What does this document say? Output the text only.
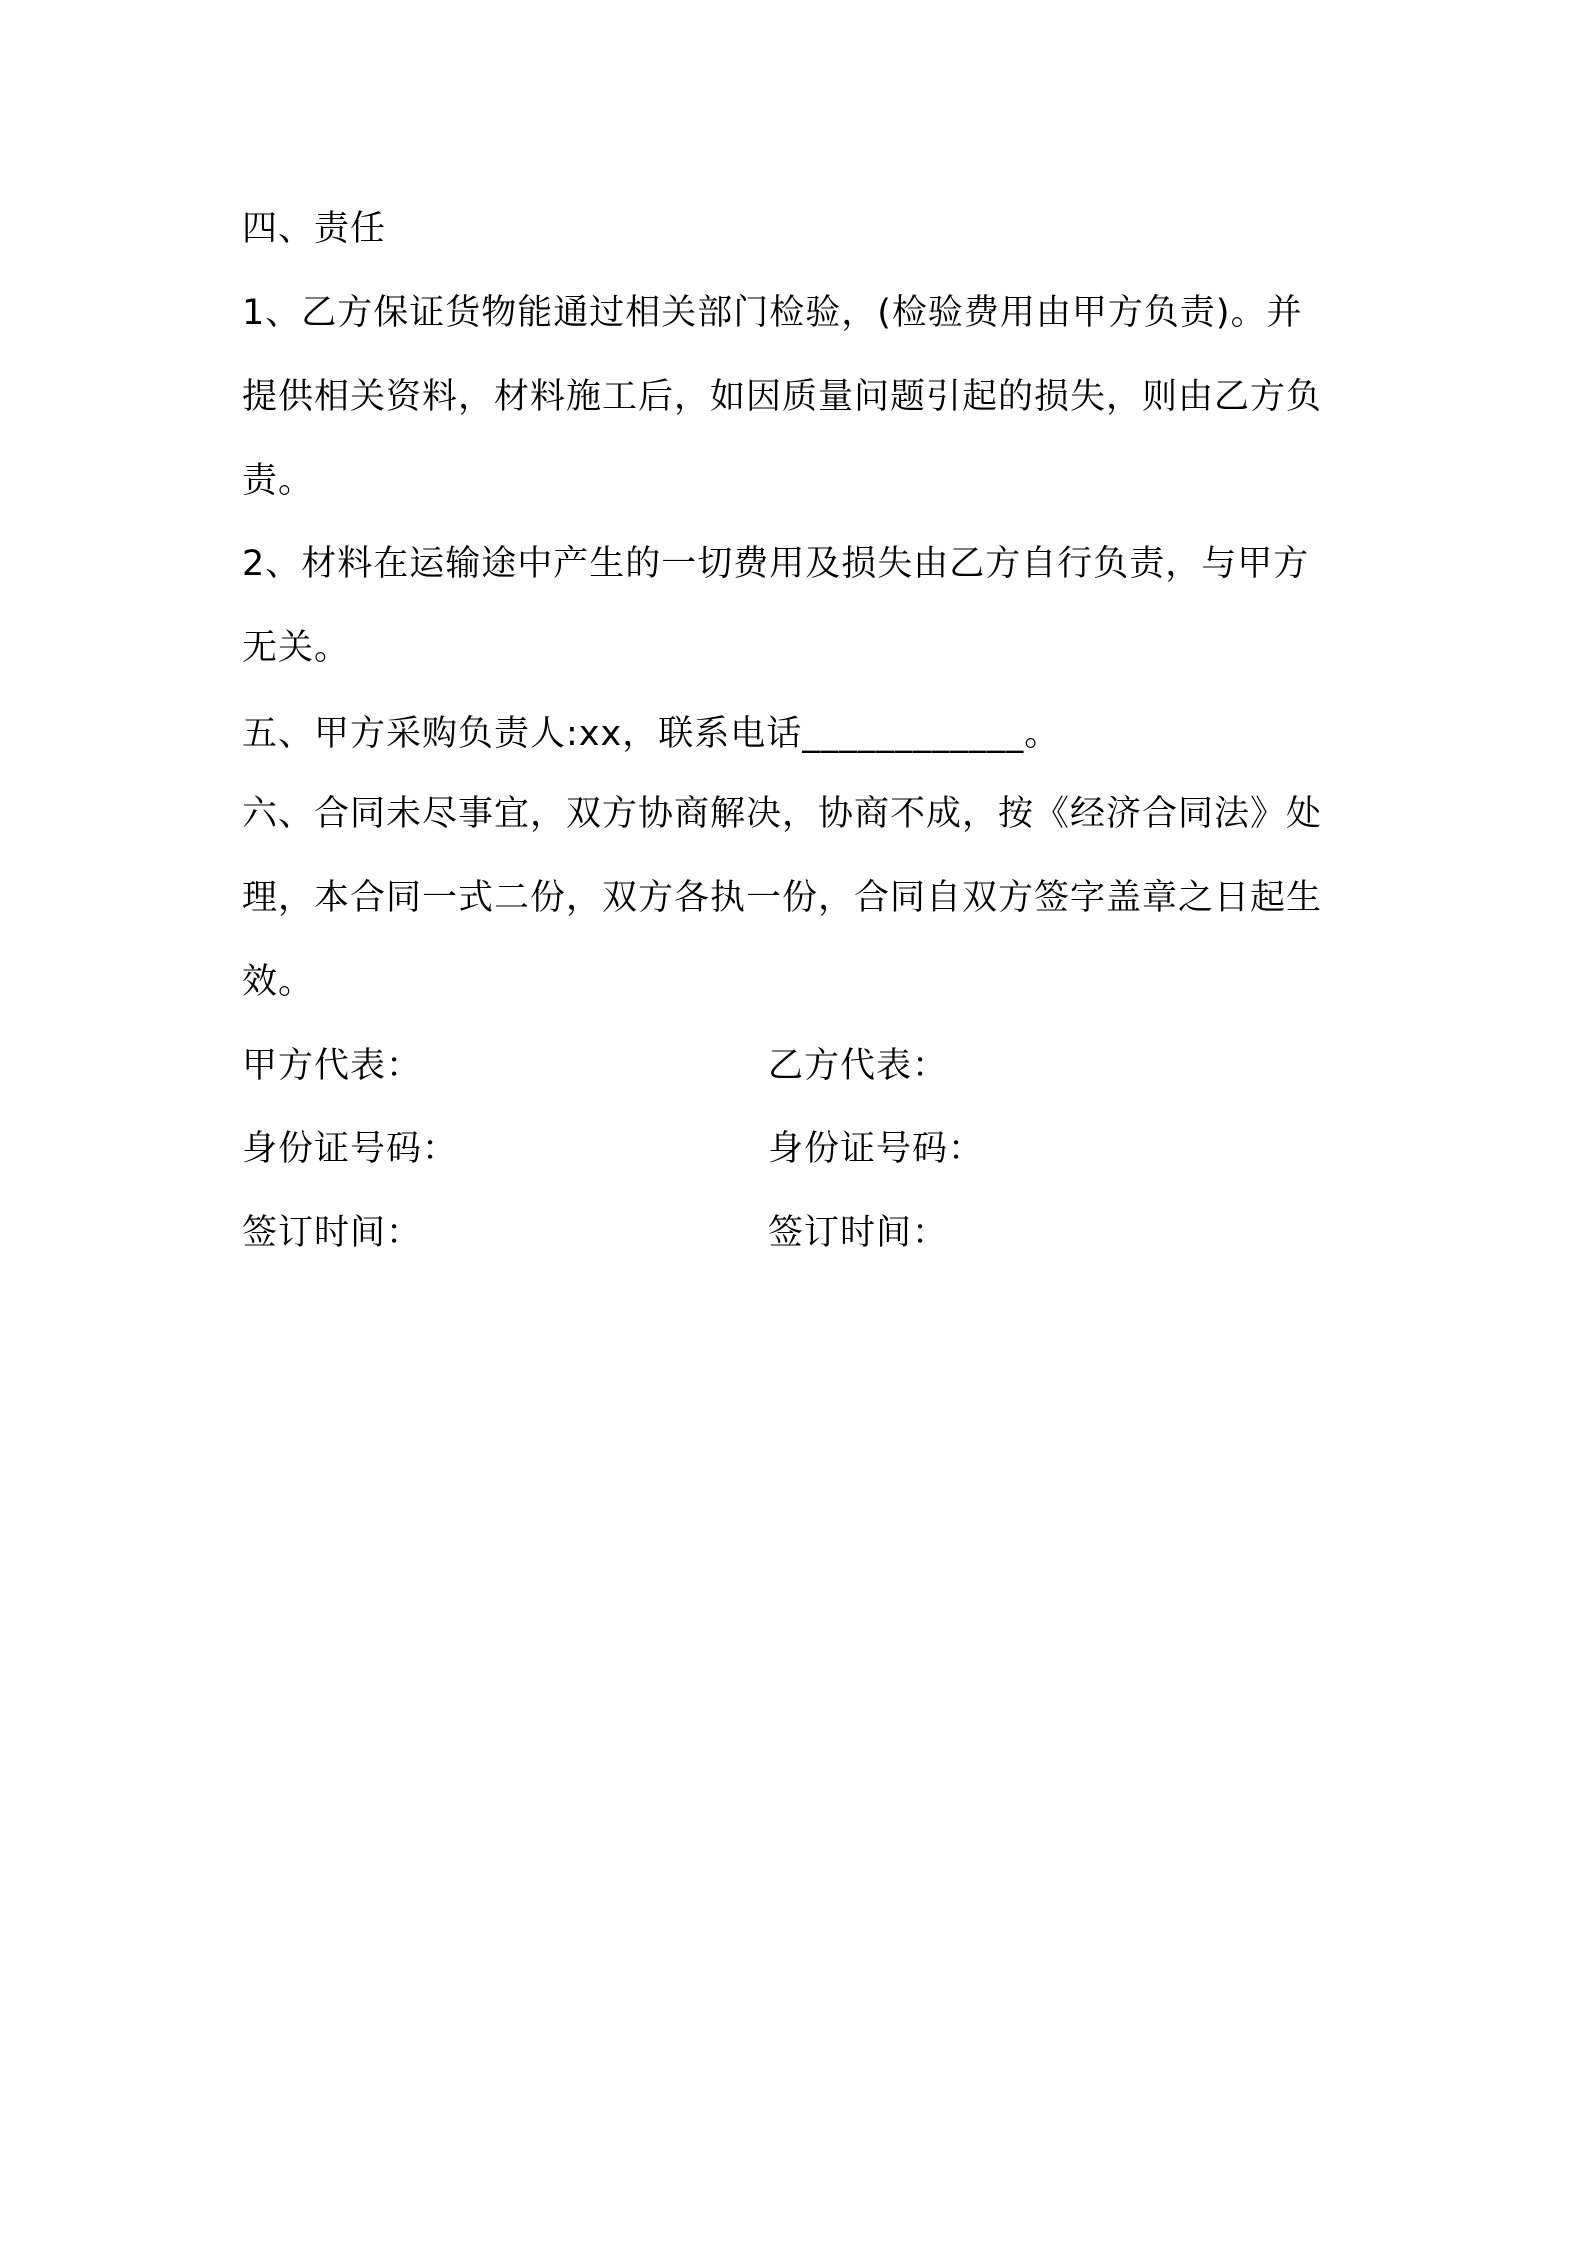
四、责任
1、乙方保证货物能通过相关部门检验，(检验费用由甲方负责)。并
提供相关资料，材料施工后，如因质量问题引起的损失，则由乙方负
责。
2、材料在运输途中产生的一切费用及损失由乙方自行负责，与甲方
无关。
五、甲方采购负责人:xx，联系电话____________。
六、合同未尽事宜，双方协商解决，协商不成，按《经济合同法》处
理，本合同一式二份，双方各执一份，合同自双方签字盖章之日起生
效。
甲方代表：	乙方代表：
身份证号码：	身份证号码：
签订时间：	签订时间：
